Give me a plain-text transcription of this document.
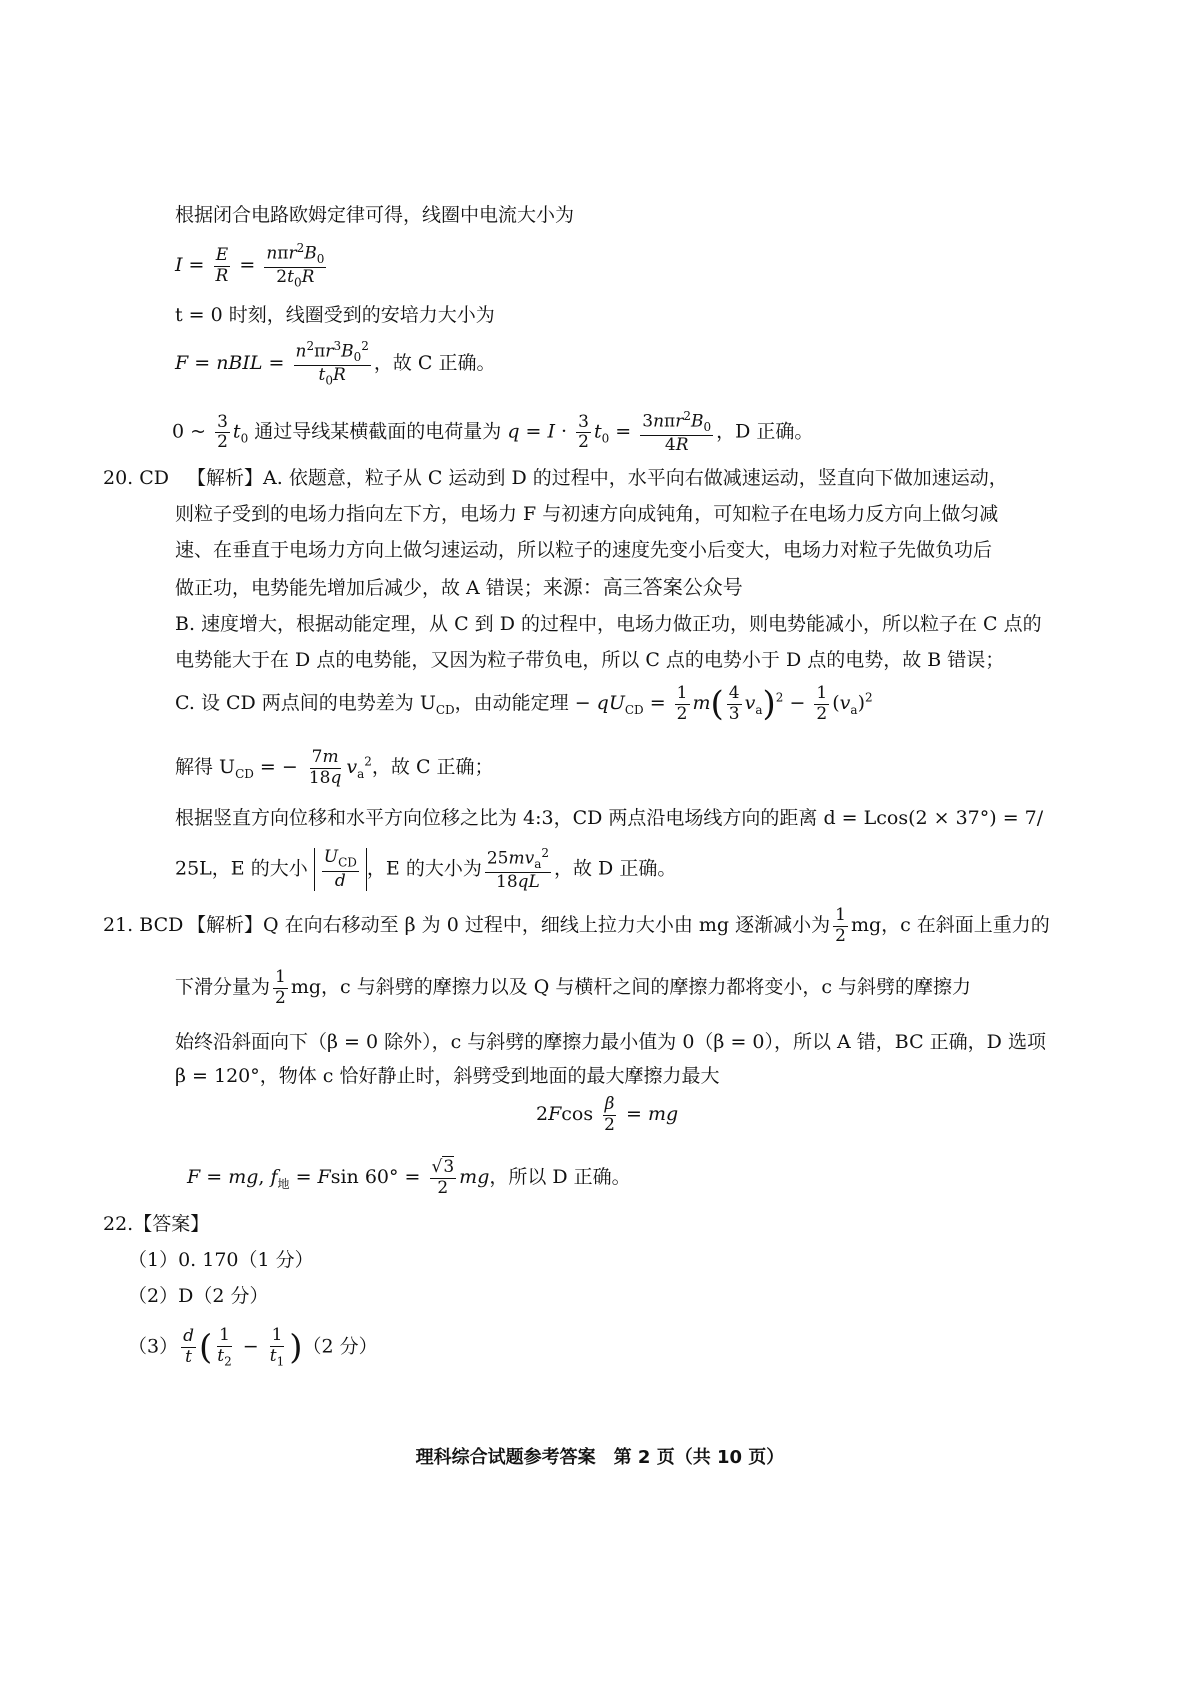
根据闭合电路欧姆定律可得，线圈中电流大小为
$I = \frac{E}{R} = \frac{n\pi r^2B_0}{2t_0R}$
t = 0 时刻，线圈受到的安培力大小为
F = nBIL = $\frac{n^2\pi r^3B_0^2}{t_0R}$ ，故 C 正确。
0 ~ $\frac{3}{2} t_0$ 通过导线某横截面的电荷量为 $q = I \cdot \frac{3}{2} t_0 = \frac{3n\pi r^2B_0}{4R}$ ，D 正确。
20. CD 【解析】A. 依题意，粒子从 C 运动到 D 的过程中，水平向右做减速运动，竖直向下做加速运动，
则粒子受到的电场力指向左下方，电场力 F 与初速方向成钝角，可知粒子在电场力反方向上做匀减
速、在垂直于电场力方向上做匀速运动，所以粒子的速度先变小后变大，电场力对粒子先做负功后
做正功，电势能先增加后减少，故 A 错误；来源：高三答案公众号
B. 速度增大，根据动能定理，从 C 到 D 的过程中，电场力做正功，则电势能减小，所以粒子在 C 点的
电势能大于在 D 点的电势能，又因为粒子带负电，所以 C 点的电势小于 D 点的电势，故 B 错误；
C. 设 CD 两点间的电势差为 $U_{CD}$，由动能定理 − $qU_{CD} = \frac{1}{2} m( \frac{4}{3} v_a)^2 - \frac{1}{2} (v_a)^2$
解得 $U_{CD}$ = − $\frac{7m}{18q} v_a^2$，故 C 正确；
根据竖直方向位移和水平方向位移之比为 4:3，CD 两点沿电场线方向的距离 d = Lcos(2 × 37°) = 7/
25L，E 的大小 $\frac{U_{CD}}{d}$ ，E 的大小为 $\frac{25mv_a^2}{18qL}$ ，故 D 正确。
21. BCD 【解析】Q 在向右移动至 β 为 0 过程中，细线上拉力大小由 mg 逐渐减小为 $\frac{1}{2}$ mg，c 在斜面上重力的
下滑分量为 $\frac{1}{2}$ mg，c 与斜劈的摩擦力以及 Q 与横杆之间的摩擦力都将变小，c 与斜劈的摩擦力
始终沿斜面向下（β = 0 除外），c 与斜劈的摩擦力最小值为 0（β = 0），所以 A 错，BC 正确，D 选项
β = 120°，物体 c 恰好静止时，斜劈受到地面的最大摩擦力最大
$2Fcos \frac{\beta}{2}$ = mg
F = mg, $f_地 = Fsin$ $60^\circ = \frac{√3}{2}$ mg，所以 D 正确。
22.【答案】
（1）0. 170（1 分）
（2）D（2 分）
$(3) \frac{d}{t}$ ( $\frac{1}{t_2} - \frac{1}{t_1} )(2$ 分）
理科综合试题参考答案　第 2 页（共 10 页）
